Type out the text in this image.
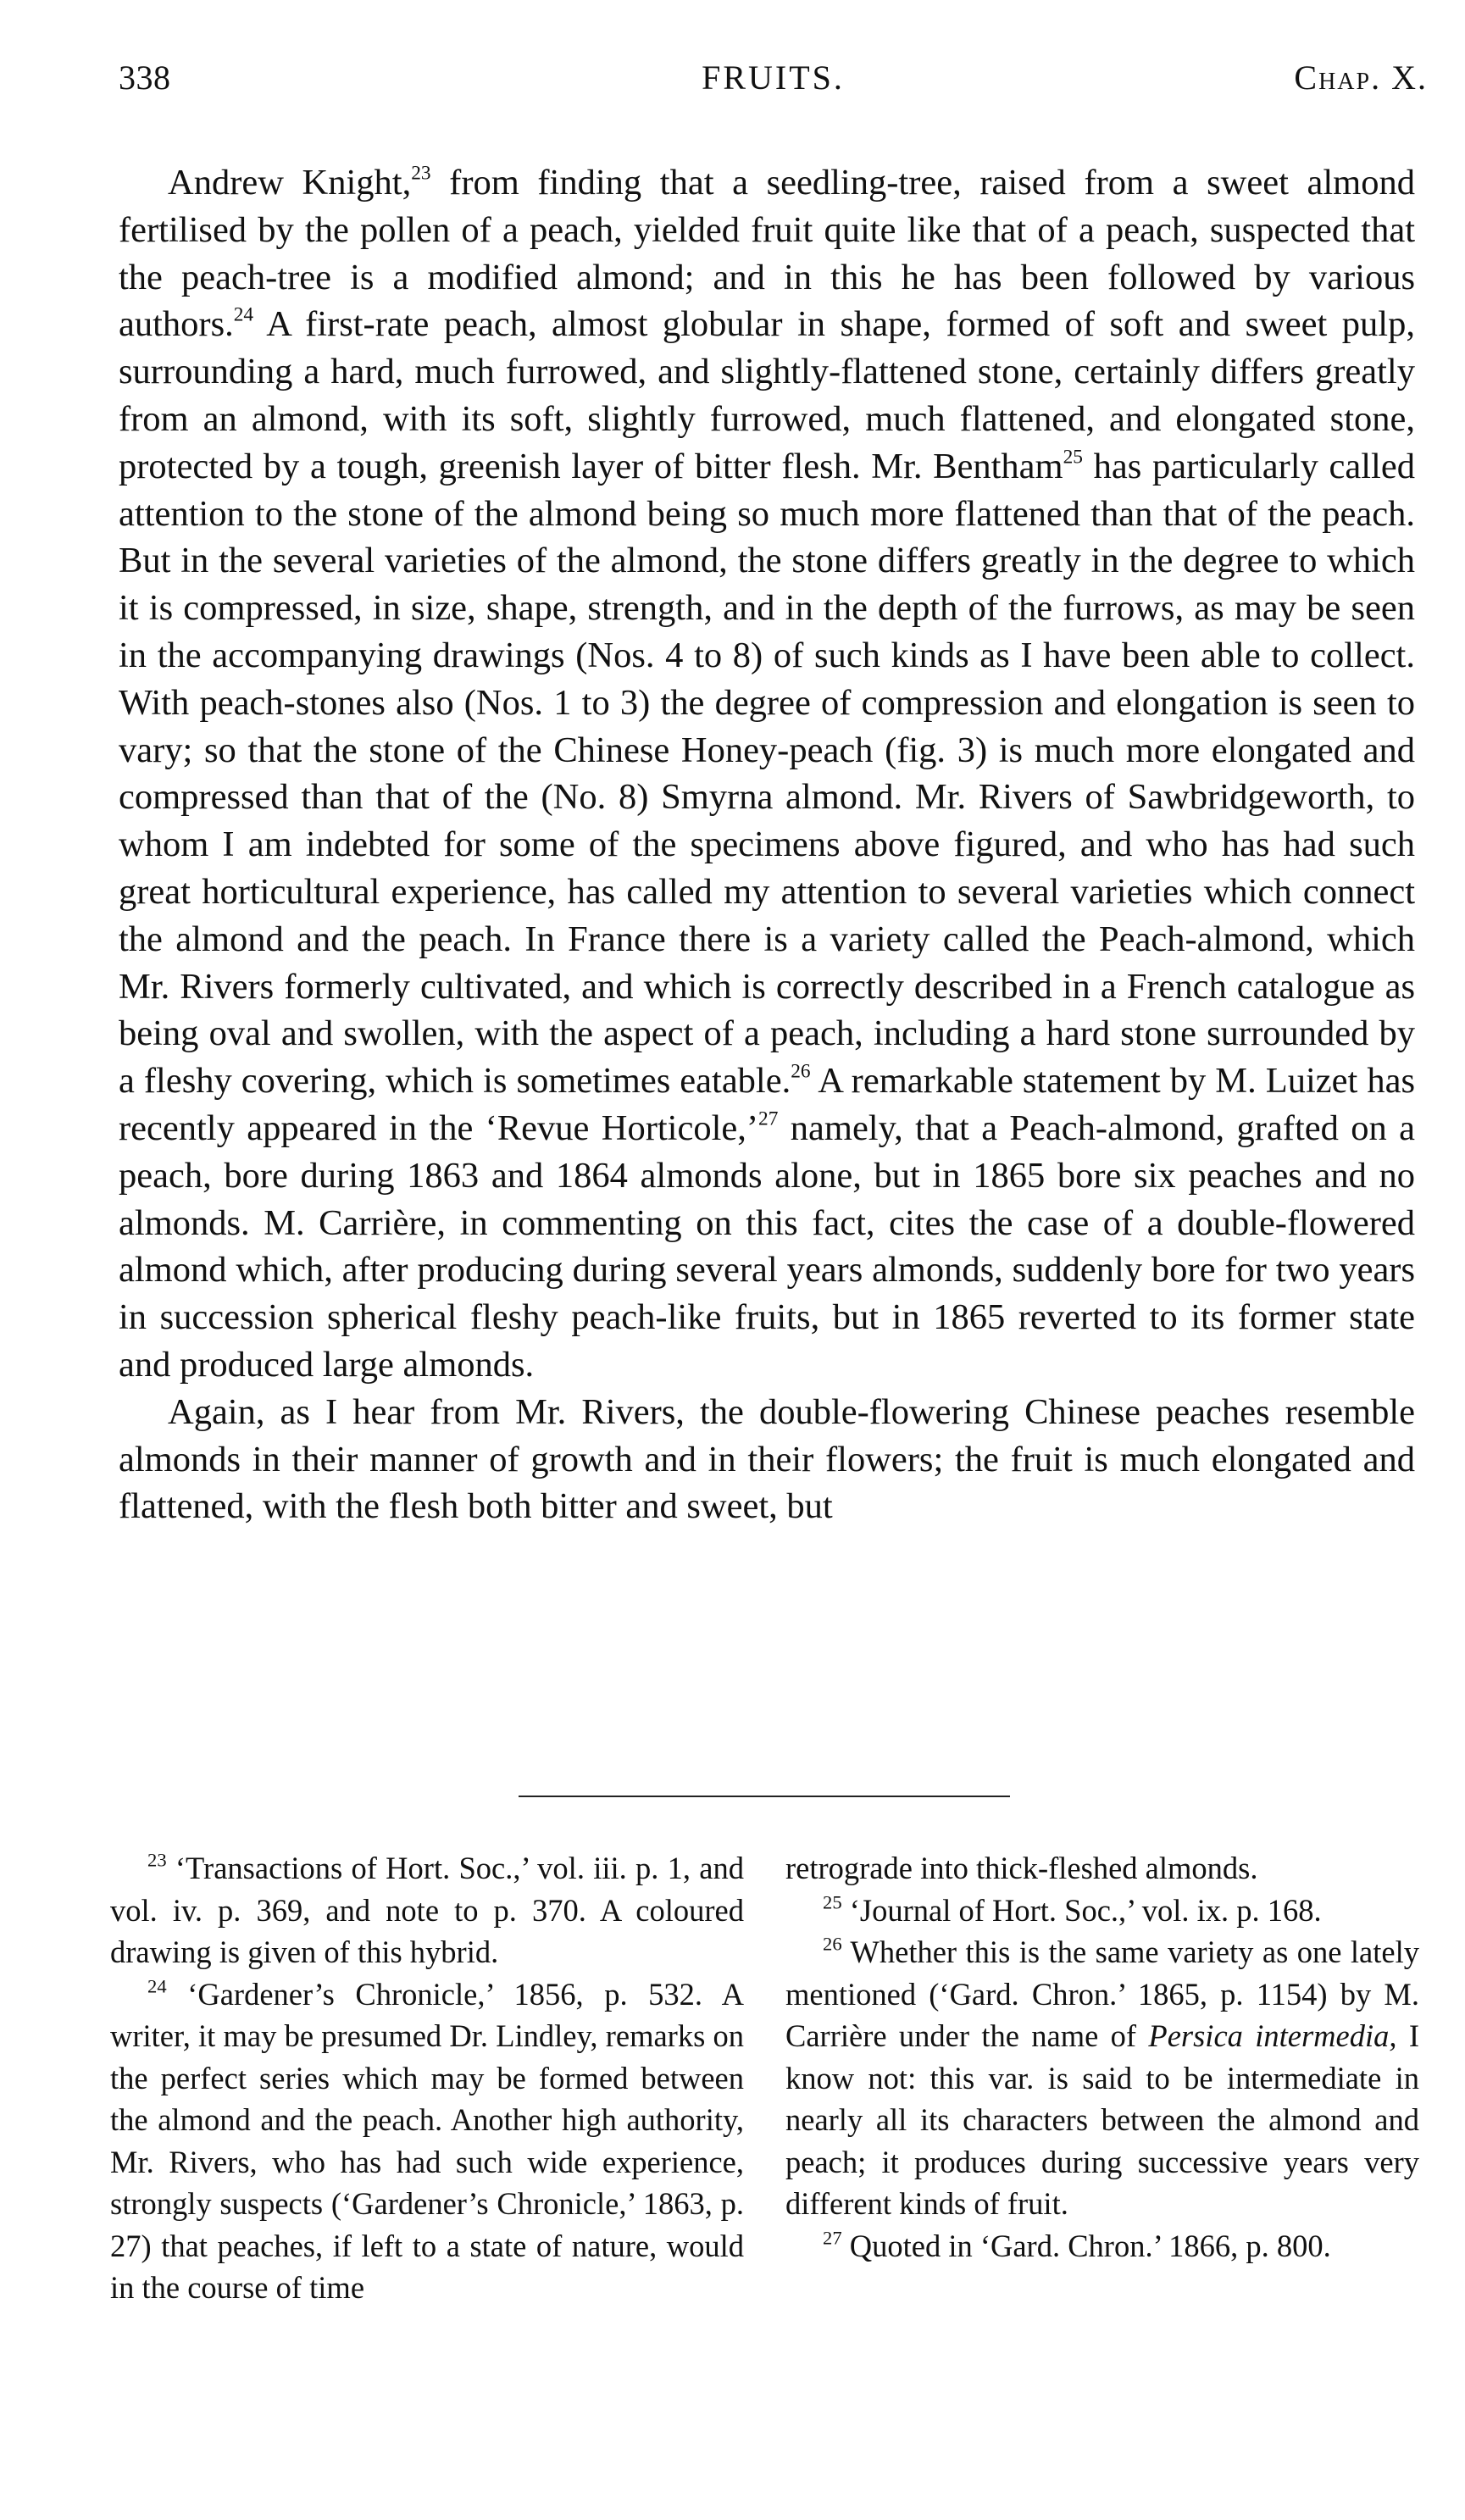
338	FRUITS.	Chap. X.

Andrew Knight,$^{23}$ from finding that a seedling-tree, raised from a sweet almond fertilised by the pollen of a peach, yielded fruit quite like that of a peach, suspected that the peach-tree is a modified almond; and in this he has been followed by various authors.$^{24}$ A first-rate peach, almost globular in shape, formed of soft and sweet pulp, surrounding a hard, much furrowed, and slightly-flattened stone, certainly differs greatly from an almond, with its soft, slightly furrowed, much flattened, and elongated stone, protected by a tough, greenish layer of bitter flesh. Mr. Bentham$^{25}$ has particularly called attention to the stone of the almond being so much more flattened than that of the peach. But in the several varieties of the almond, the stone differs greatly in the degree to which it is compressed, in size, shape, strength, and in the depth of the furrows, as may be seen in the accompanying drawings (Nos. 4 to 8) of such kinds as I have been able to collect. With peach-stones also (Nos. 1 to 3) the degree of compression and elongation is seen to vary; so that the stone of the Chinese Honey-peach (fig. 3) is much more elongated and compressed than that of the (No. 8) Smyrna almond. Mr. Rivers of Sawbridgeworth, to whom I am indebted for some of the specimens above figured, and who has had such great horticultural experience, has called my attention to several varieties which connect the almond and the peach. In France there is a variety called the Peach-almond, which Mr. Rivers formerly cultivated, and which is correctly described in a French catalogue as being oval and swollen, with the aspect of a peach, including a hard stone surrounded by a fleshy covering, which is sometimes eatable.$^{26}$ A remarkable statement by M. Luizet has recently appeared in the ‘Revue Horticole,’$^{27}$ namely, that a Peach-almond, grafted on a peach, bore during 1863 and 1864 almonds alone, but in 1865 bore six peaches and no almonds. M. Carrière, in commenting on this fact, cites the case of a double-flowered almond which, after producing during several years almonds, suddenly bore for two years in succession spherical fleshy peach-like fruits, but in 1865 reverted to its former state and produced large almonds.

Again, as I hear from Mr. Rivers, the double-flowering Chinese peaches resemble almonds in their manner of growth and in their flowers; the fruit is much elongated and flattened, with the flesh both bitter and sweet, but

$^{23}$ ‘Transactions of Hort. Soc.,’ vol. iii. p. 1, and vol. iv. p. 369, and note to p. 370. A coloured drawing is given of this hybrid.

$^{24}$ ‘Gardener’s Chronicle,’ 1856, p. 532. A writer, it may be presumed Dr. Lindley, remarks on the perfect series which may be formed between the almond and the peach. Another high authority, Mr. Rivers, who has had such wide experience, strongly suspects (‘Gardener’s Chronicle,’ 1863, p. 27) that peaches, if left to a state of nature, would in the course of time

retrograde into thick-fleshed almonds.

$^{25}$ ‘Journal of Hort. Soc.,’ vol. ix. p. 168.

$^{26}$ Whether this is the same variety as one lately mentioned (‘Gard. Chron.’ 1865, p. 1154) by M. Carrière under the name of Persica intermedia, I know not: this var. is said to be intermediate in nearly all its characters between the almond and peach; it produces during successive years very different kinds of fruit.

$^{27}$ Quoted in ‘Gard. Chron.’ 1866, p. 800.
